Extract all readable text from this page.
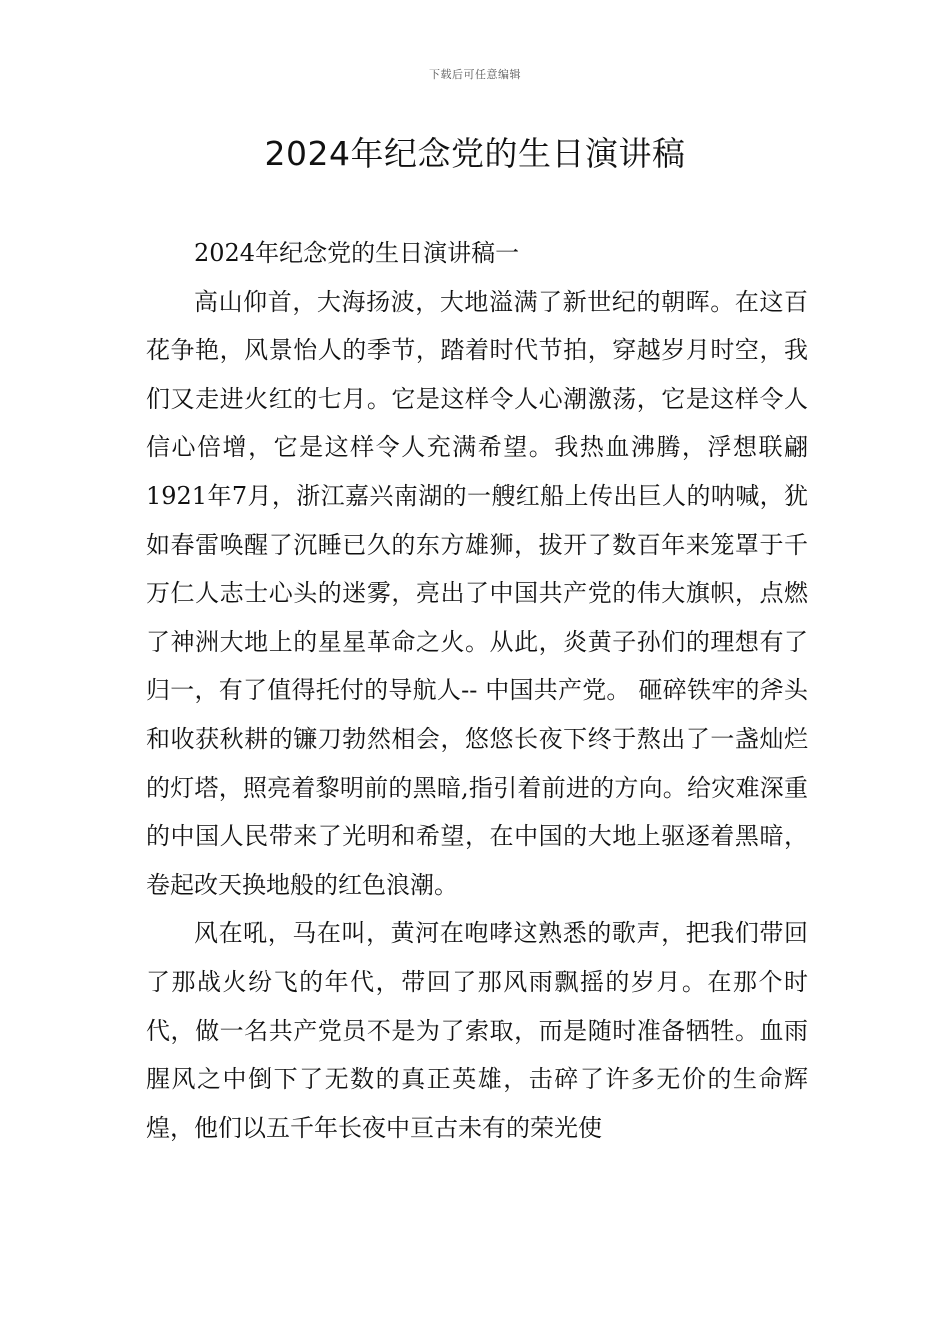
下载后可任意编辑
2024年纪念党的生日演讲稿

2024年纪念党的生日演讲稿一

高山仰首，大海扬波，大地溢满了新世纪的朝晖。在这百花争艳，风景怡人的季节，踏着时代节拍，穿越岁月时空，我们又走进火红的七月。它是这样令人心潮激荡，它是这样令人信心倍增，它是这样令人充满希望。我热血沸腾，浮想联翩1921年7月，浙江嘉兴南湖的一艘红船上传出巨人的呐喊，犹如春雷唤醒了沉睡已久的东方雄狮，拔开了数百年来笼罩于千万仁人志士心头的迷雾，亮出了中国共产党的伟大旗帜，点燃了神洲大地上的星星革命之火。从此，炎黄子孙们的理想有了归一，有了值得托付的导航人-- 中国共产党。 砸碎铁牢的斧头和收获秋耕的镰刀勃然相会，悠悠长夜下终于熬出了一盏灿烂的灯塔，照亮着黎明前的黑暗,指引着前进的方向。给灾难深重的中国人民带来了光明和希望，在中国的大地上驱逐着黑暗，卷起改天换地般的红色浪潮。

风在吼，马在叫，黄河在咆哮这熟悉的歌声，把我们带回了那战火纷飞的年代，带回了那风雨飘摇的岁月。在那个时代，做一名共产党员不是为了索取，而是随时准备牺牲。血雨腥风之中倒下了无数的真正英雄，击碎了许多无价的生命辉煌，他们以五千年长夜中亘古未有的荣光使
